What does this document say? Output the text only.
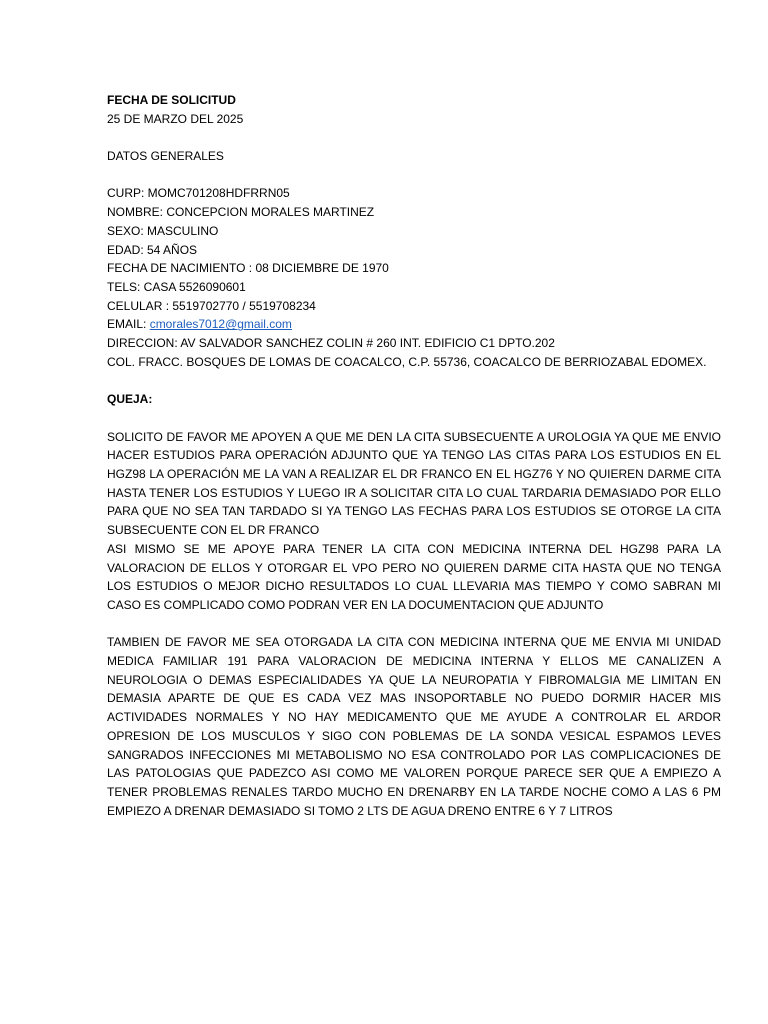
FECHA DE SOLICITUD
25 DE MARZO DEL 2025
DATOS GENERALES
CURP: MOMC701208HDFRRN05
NOMBRE: CONCEPCION MORALES MARTINEZ
SEXO: MASCULINO
EDAD: 54 AÑOS
FECHA DE NACIMIENTO : 08 DICIEMBRE DE 1970
TELS: CASA 5526090601
CELULAR : 5519702770 / 5519708234
EMAIL: cmorales7012@gmail.com
DIRECCION: AV SALVADOR SANCHEZ COLIN # 260 INT. EDIFICIO C1 DPTO.202
COL. FRACC. BOSQUES DE LOMAS DE COACALCO, C.P. 55736, COACALCO DE BERRIOZABAL EDOMEX.
QUEJA:

SOLICITO DE FAVOR ME APOYEN A QUE ME DEN LA CITA SUBSECUENTE A UROLOGIA YA QUE ME ENVIO HACER ESTUDIOS PARA OPERACIÓN ADJUNTO QUE YA TENGO LAS CITAS PARA LOS ESTUDIOS EN EL HGZ98 LA OPERACIÓN ME LA VAN A REALIZAR EL DR FRANCO EN EL HGZ76 Y NO QUIEREN DARME CITA HASTA TENER LOS ESTUDIOS Y LUEGO IR A SOLICITAR CITA LO CUAL TARDARIA DEMASIADO POR ELLO PARA QUE NO SEA TAN TARDADO SI YA TENGO LAS FECHAS PARA LOS ESTUDIOS SE OTORGE LA CITA SUBSECUENTE CON EL DR FRANCO

ASI MISMO SE ME APOYE PARA TENER LA CITA CON MEDICINA INTERNA DEL HGZ98 PARA LA VALORACION DE ELLOS Y OTORGAR EL VPO PERO NO QUIEREN DARME CITA HASTA QUE NO TENGA LOS ESTUDIOS O MEJOR DICHO RESULTADOS LO CUAL LLEVARIA MAS TIEMPO Y COMO SABRAN MI CASO ES COMPLICADO COMO PODRAN VER EN LA DOCUMENTACION QUE ADJUNTO

TAMBIEN DE FAVOR ME SEA OTORGADA LA CITA CON MEDICINA INTERNA QUE ME ENVIA MI UNIDAD MEDICA FAMILIAR 191 PARA VALORACION DE MEDICINA INTERNA Y ELLOS ME CANALIZEN A NEUROLOGIA O DEMAS ESPECIALIDADES YA QUE LA NEUROPATIA Y FIBROMALGIA ME LIMITAN EN DEMASIA APARTE DE QUE ES CADA VEZ MAS INSOPORTABLE NO PUEDO DORMIR HACER MIS ACTIVIDADES NORMALES Y NO HAY MEDICAMENTO QUE ME AYUDE A CONTROLAR EL ARDOR OPRESION DE LOS MUSCULOS Y SIGO CON POBLEMAS DE LA SONDA VESICAL ESPAMOS LEVES SANGRADOS INFECCIONES MI METABOLISMO NO ESA CONTROLADO POR LAS COMPLICACIONES DE LAS PATOLOGIAS QUE PADEZCO ASI COMO ME VALOREN PORQUE PARECE SER QUE A EMPIEZO A TENER PROBLEMAS RENALES TARDO MUCHO EN DRENARBY EN LA TARDE NOCHE COMO A LAS 6 PM EMPIEZO A DRENAR DEMASIADO SI TOMO 2 LTS DE AGUA DRENO ENTRE 6 Y 7 LITROS
